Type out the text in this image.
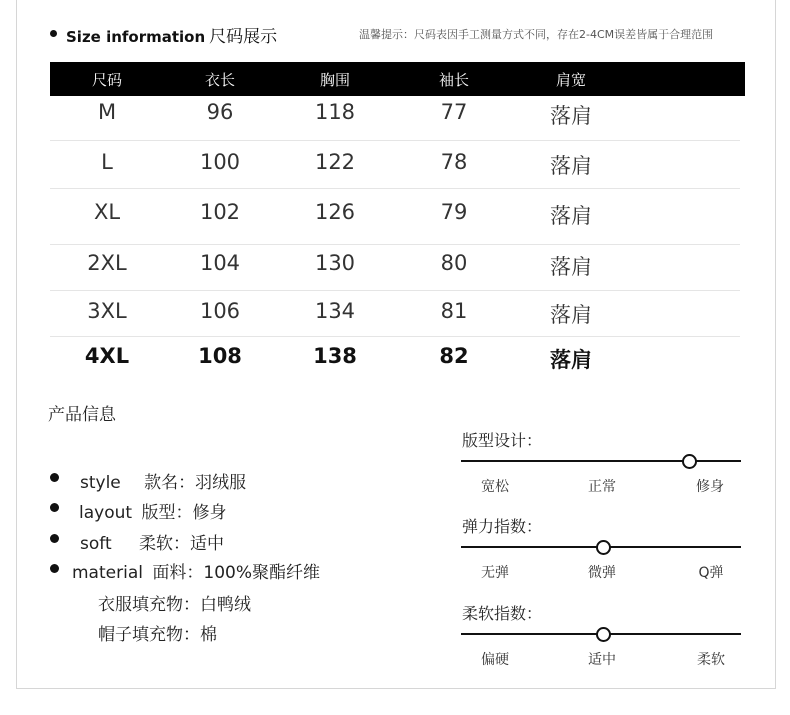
Size information 尺码展示	温馨提示：尺码表因手工测量方式不同，存在2-4CM误差皆属于合理范围
尺码	衣长	胸围	袖长	肩宽
M	96	118	77	落肩
L	100	122	78	落肩
XL	102	126	79	落肩
2XL	104	130	80	落肩
3XL	106	134	81	落肩
4XL	108	138	82	落肩
产品信息
style 款名：羽绒服
layout 版型：修身
soft 柔软：适中
material 面料：100%聚酯纤维
衣服填充物：白鸭绒
帽子填充物：棉
版型设计：
宽松	正常	修身
弹力指数：
无弹	微弹	Q弹
柔软指数：
偏硬	适中	柔软
